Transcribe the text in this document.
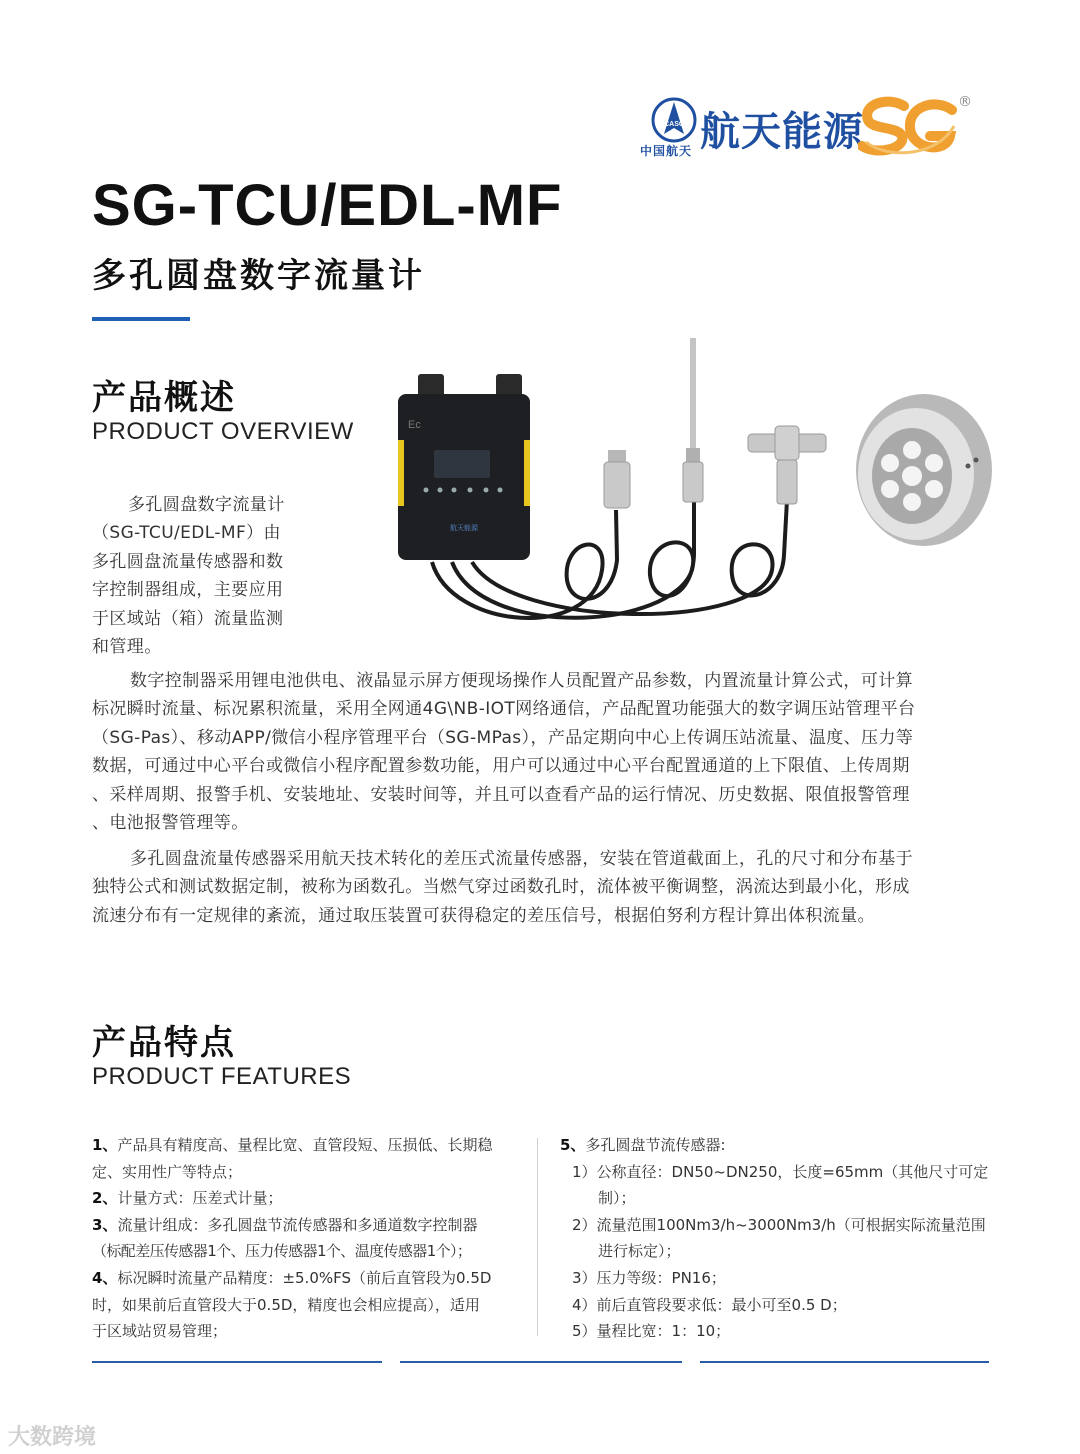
CASC
中国航天 航天能源
®
SG-TCU/EDL-MF
多孔圆盘数字流量计
产品概述
PRODUCT OVERVIEW
多孔圆盘数字流量计
（SG-TCU/EDL-MF）由
多孔圆盘流量传感器和数
字控制器组成，主要应用
于区域站（箱）流量监测
和管理。
Ec
航天能源
数字控制器采用锂电池供电、液晶显示屏方便现场操作人员配置产品参数，内置流量计算公式，可计算
标况瞬时流量、标况累积流量，采用全网通4G\NB-IOT网络通信，产品配置功能强大的数字调压站管理平台
（SG-Pas）、移动APP/微信小程序管理平台（SG-MPas），产品定期向中心上传调压站流量、温度、压力等
数据，可通过中心平台或微信小程序配置参数功能，用户可以通过中心平台配置通道的上下限值、上传周期
、采样周期、报警手机、安装地址、安装时间等，并且可以查看产品的运行情况、历史数据、限值报警管理
、电池报警管理等。
多孔圆盘流量传感器采用航天技术转化的差压式流量传感器，安装在管道截面上，孔的尺寸和分布基于
独特公式和测试数据定制，被称为函数孔。当燃气穿过函数孔时，流体被平衡调整，涡流达到最小化，形成
流速分布有一定规律的紊流，通过取压装置可获得稳定的差压信号，根据伯努利方程计算出体积流量。
产品特点
PRODUCT FEATURES

1、产品具有精度高、量程比宽、直管段短、压损低、长期稳

定、实用性广等特点；

2、计量方式：压差式计量；

3、流量计组成：多孔圆盘节流传感器和多通道数字控制器

（标配差压传感器1个、压力传感器1个、温度传感器1个）；

4、标况瞬时流量产品精度：±5.0%FS（前后直管段为0.5D

时，如果前后直管段大于0.5D，精度也会相应提高），适用

于区域站贸易管理；

5、多孔圆盘节流传感器:

1）公称直径：DN50~DN250，长度=65mm（其他尺寸可定

制）；

2）流量范围100Nm3/h~3000Nm3/h（可根据实际流量范围

进行标定）；

3）压力等级：PN16；

4）前后直管段要求低：最小可至0.5 D；

5）量程比宽：1：10；

大数跨境
